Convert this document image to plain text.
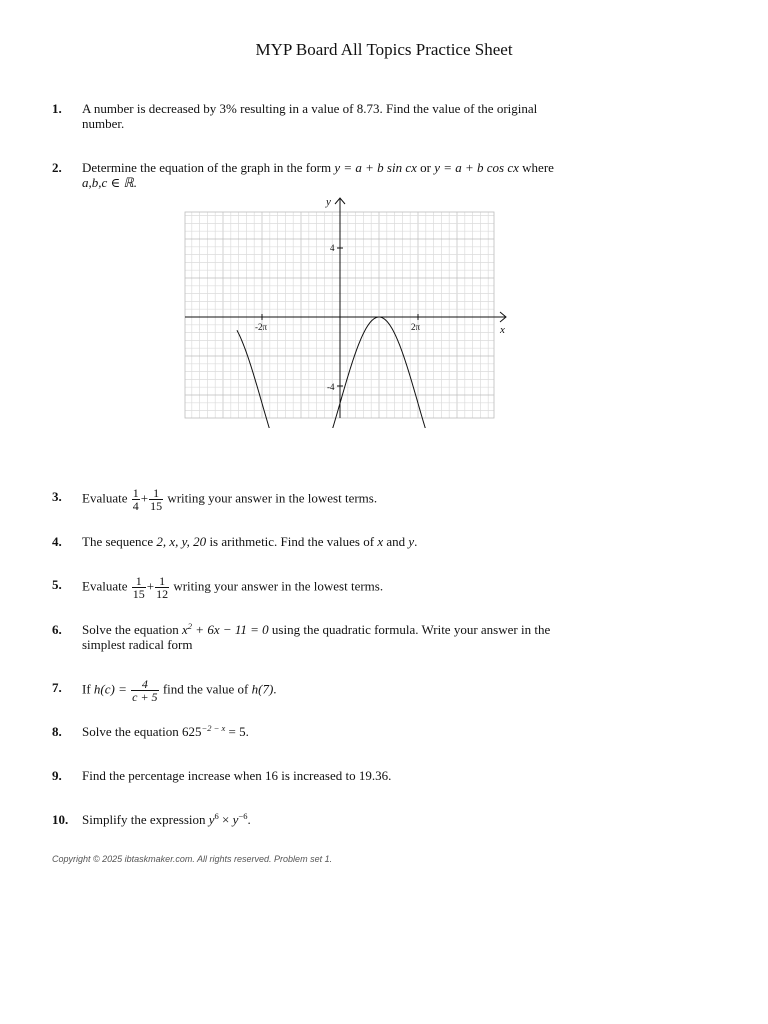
MYP Board All Topics Practice Sheet
1. A number is decreased by 3% resulting in a value of 8.73. Find the value of the original
number.
2. Determine the equation of the graph in the form y = a + b sin cx or y = a + b cos cx where
a,b,c ∈ ℝ.
y
x
-2π	2π
4
-4
3. Evaluate $\frac{1}{4} + \frac{1}{15}$ writing your answer in the lowest terms.
4. The sequence 2, x, y, 20 is arithmetic. Find the values of x and y.
5. Evaluate $\frac{1}{15} + \frac{1}{12}$ writing your answer in the lowest terms.
6. Solve the equation $x^2 + 6x - 11 = 0$ using the quadratic formula. Write your answer in the
simplest radical form
7. If $h(c) = \frac{4}{c + 5}$ find the value of h(7).
8. Solve the equation $625^{-2 - x} = 5$.
9. Find the percentage increase when 16 is increased to 19.36.
10. Simplify the expression $y^6 \times y^{-6}$.
Copyright © 2025 ibtaskmaker.com. All rights reserved. Problem set 1.
